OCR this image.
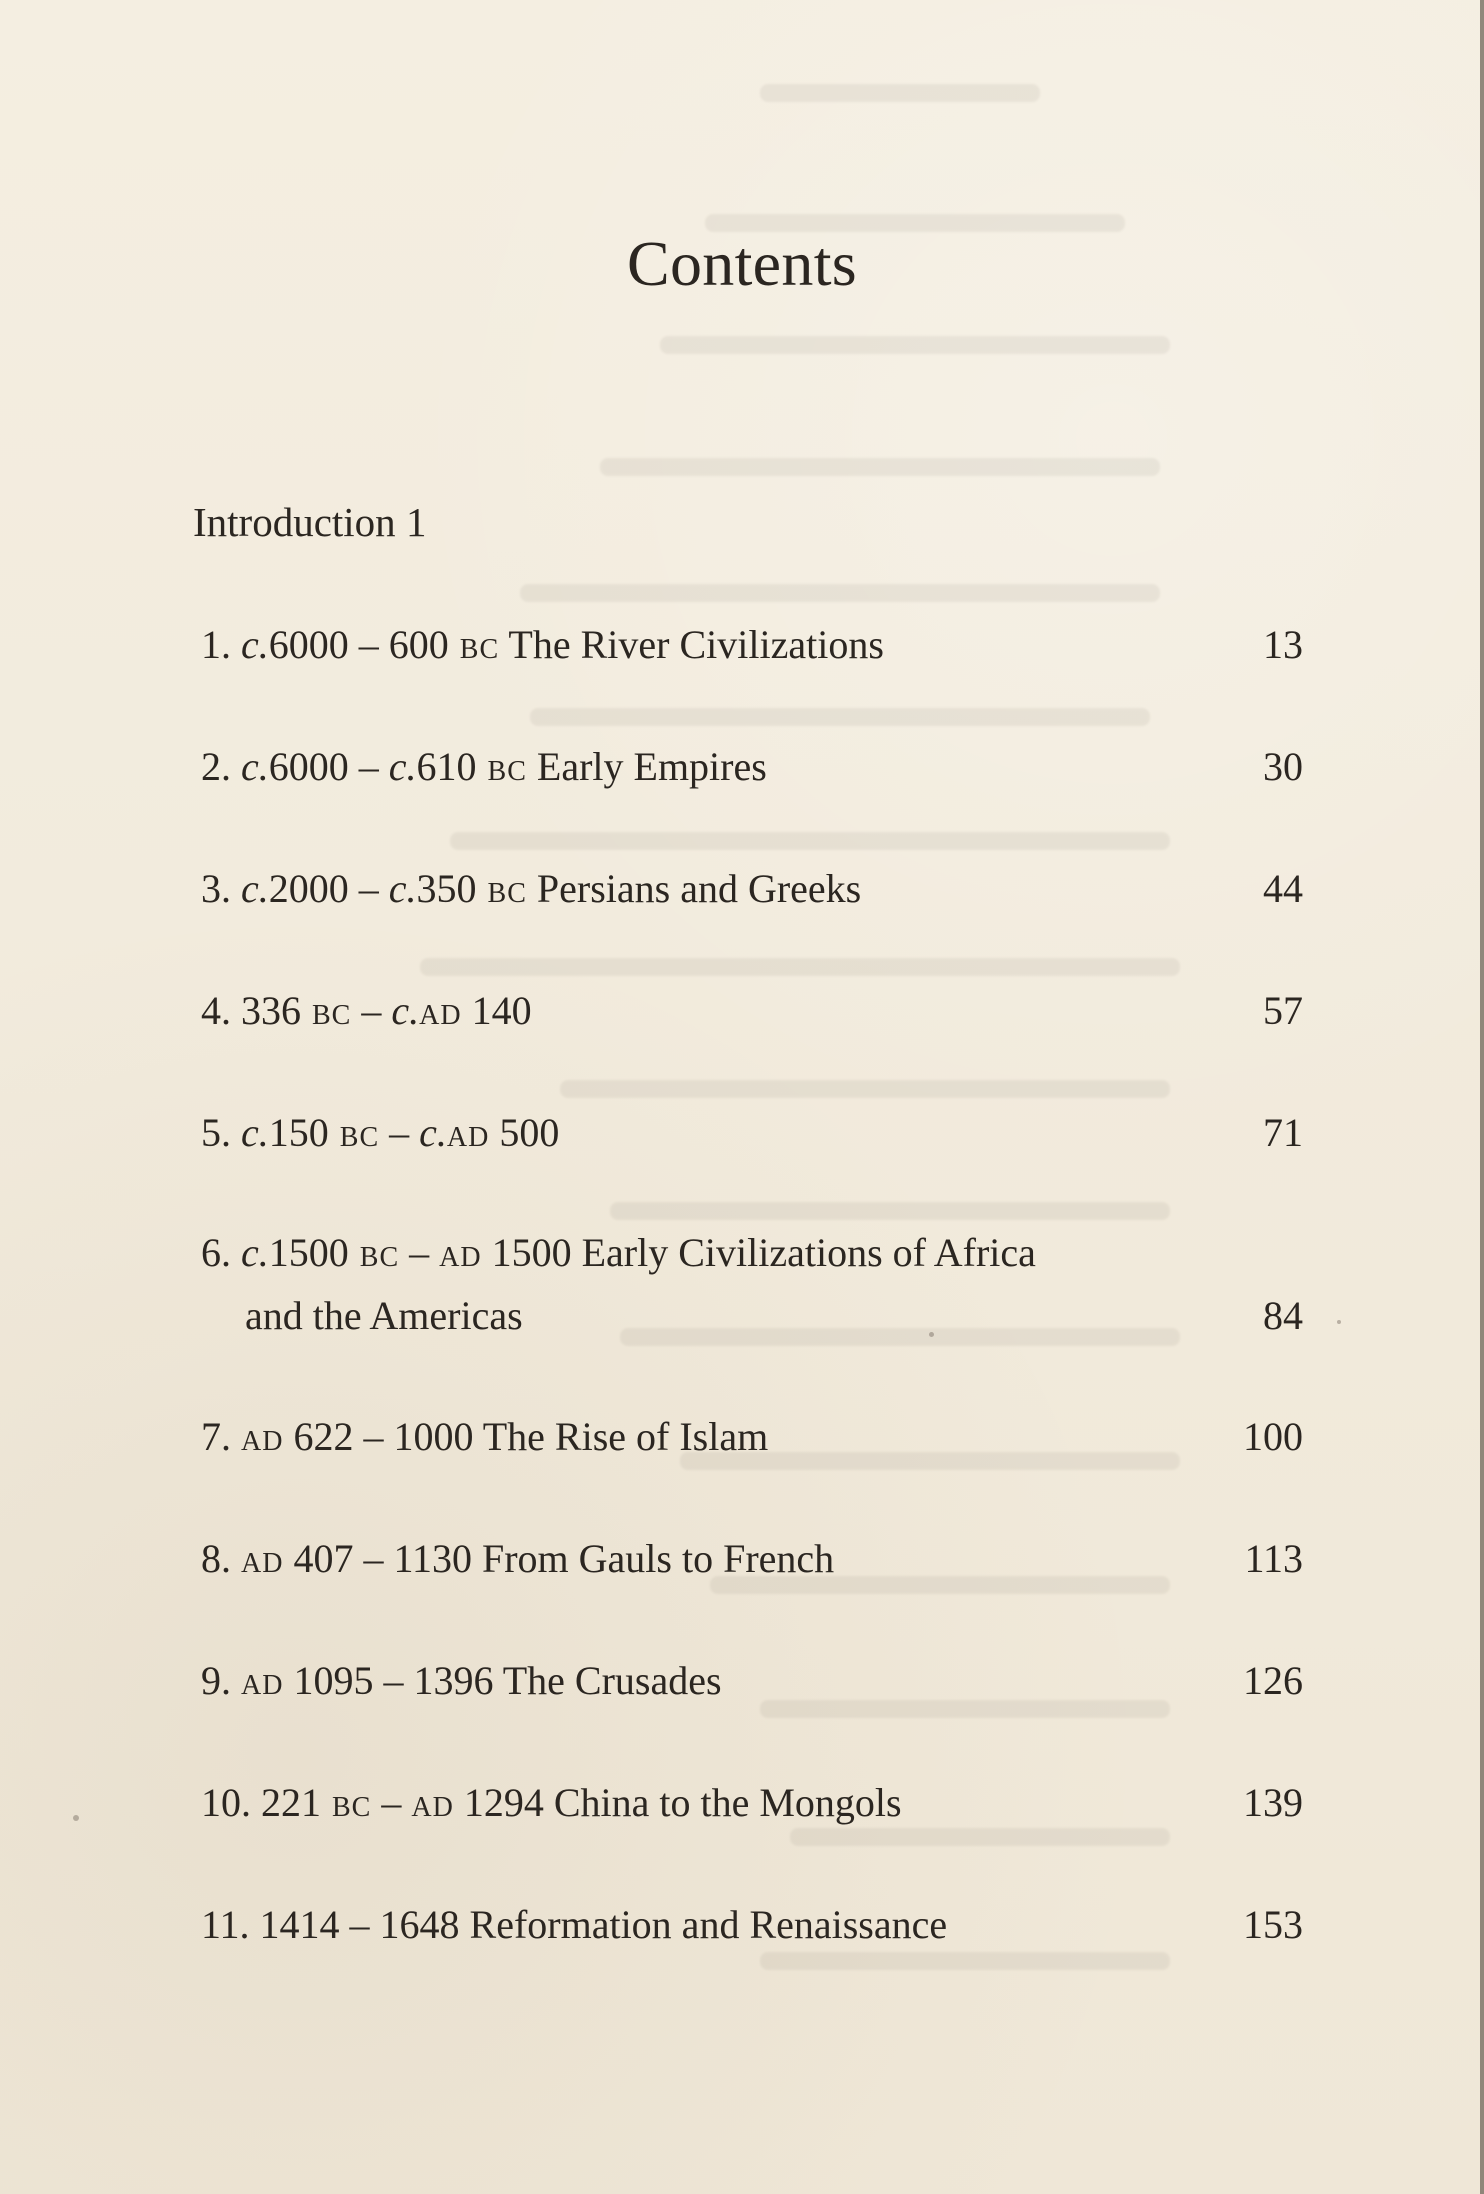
Contents
Introduction 1
1. c.6000 – 600 bc The River Civilizations	13
2. c.6000 – c.610 bc Early Empires	30
3. c.2000 – c.350 bc Persians and Greeks	44
4. 336 bc – c.ad 140	57
5. c.150 bc – c.ad 500	71
6. c.1500 bc – ad 1500 Early Civilizations of Africa
and the Americas	84
7. ad 622 – 1000 The Rise of Islam	100
8. ad 407 – 1130 From Gauls to French	113
9. ad 1095 – 1396 The Crusades	126
10. 221 bc – ad 1294 China to the Mongols	139
11. 1414 – 1648 Reformation and Renaissance	153
